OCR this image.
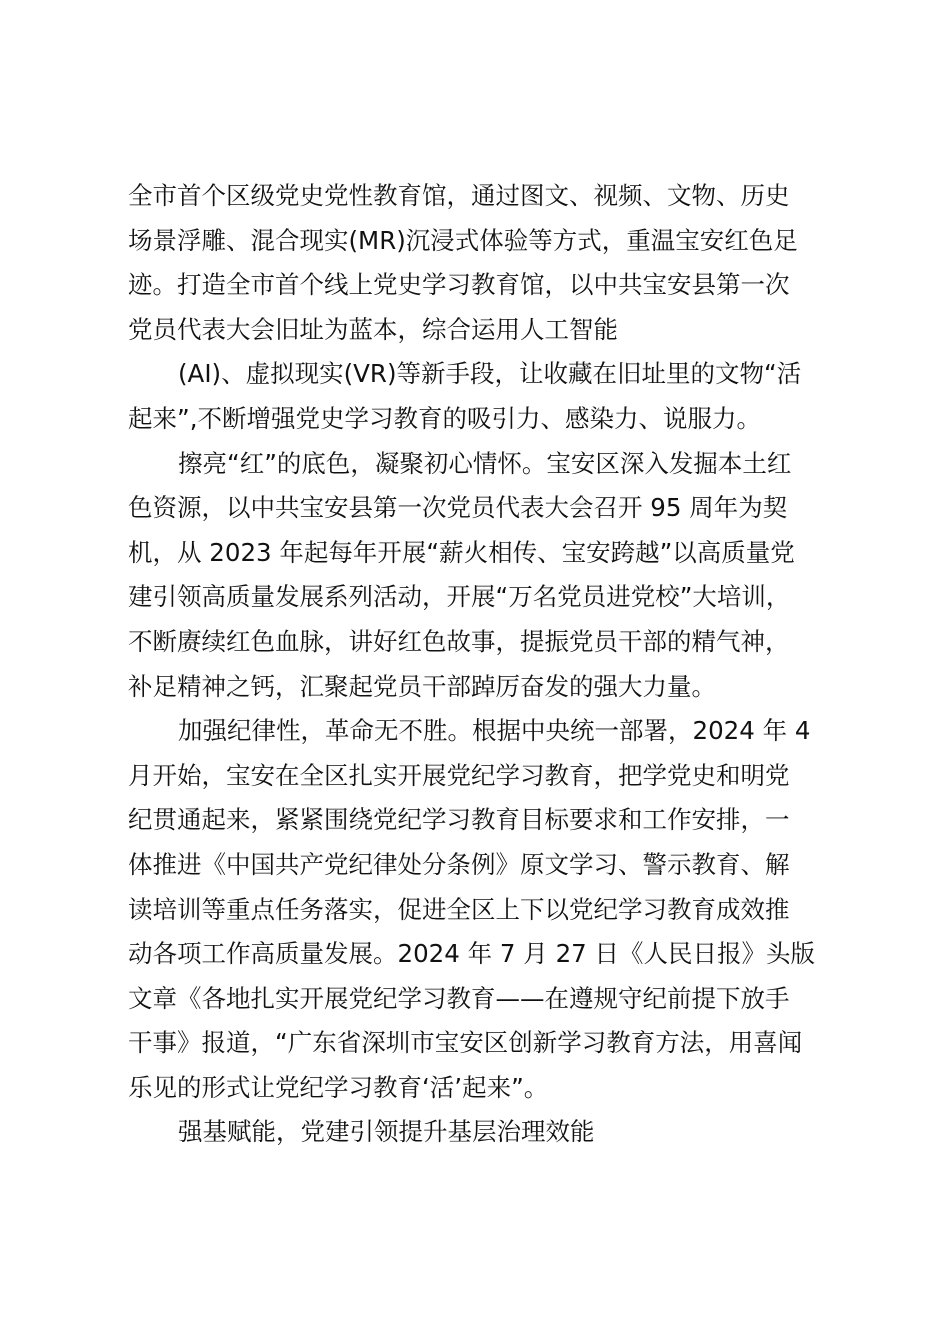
全市首个区级党史党性教育馆，通过图文、视频、文物、历史
场景浮雕、混合现实(MR)沉浸式体验等方式，重温宝安红色足
迹。打造全市首个线上党史学习教育馆，以中共宝安县第一次
党员代表大会旧址为蓝本，综合运用人工智能
(AI)、虚拟现实(VR)等新手段，让收藏在旧址里的文物“活
起来”,不断增强党史学习教育的吸引力、感染力、说服力。
擦亮“红”的底色，凝聚初心情怀。宝安区深入发掘本土红
色资源，以中共宝安县第一次党员代表大会召开 95 周年为契
机，从 2023 年起每年开展“薪火相传、宝安跨越”以高质量党
建引领高质量发展系列活动，开展“万名党员进党校”大培训，
不断赓续红色血脉，讲好红色故事，提振党员干部的精气神，
补足精神之钙，汇聚起党员干部踔厉奋发的强大力量。
加强纪律性，革命无不胜。根据中央统一部署，2024 年 4
月开始，宝安在全区扎实开展党纪学习教育，把学党史和明党
纪贯通起来，紧紧围绕党纪学习教育目标要求和工作安排，一
体推进《中国共产党纪律处分条例》原文学习、警示教育、解
读培训等重点任务落实，促进全区上下以党纪学习教育成效推
动各项工作高质量发展。2024 年 7 月 27 日《人民日报》头版
文章《各地扎实开展党纪学习教育——在遵规守纪前提下放手
干事》报道，“广东省深圳市宝安区创新学习教育方法，用喜闻
乐见的形式让党纪学习教育‘活’起来”。
强基赋能，党建引领提升基层治理效能
